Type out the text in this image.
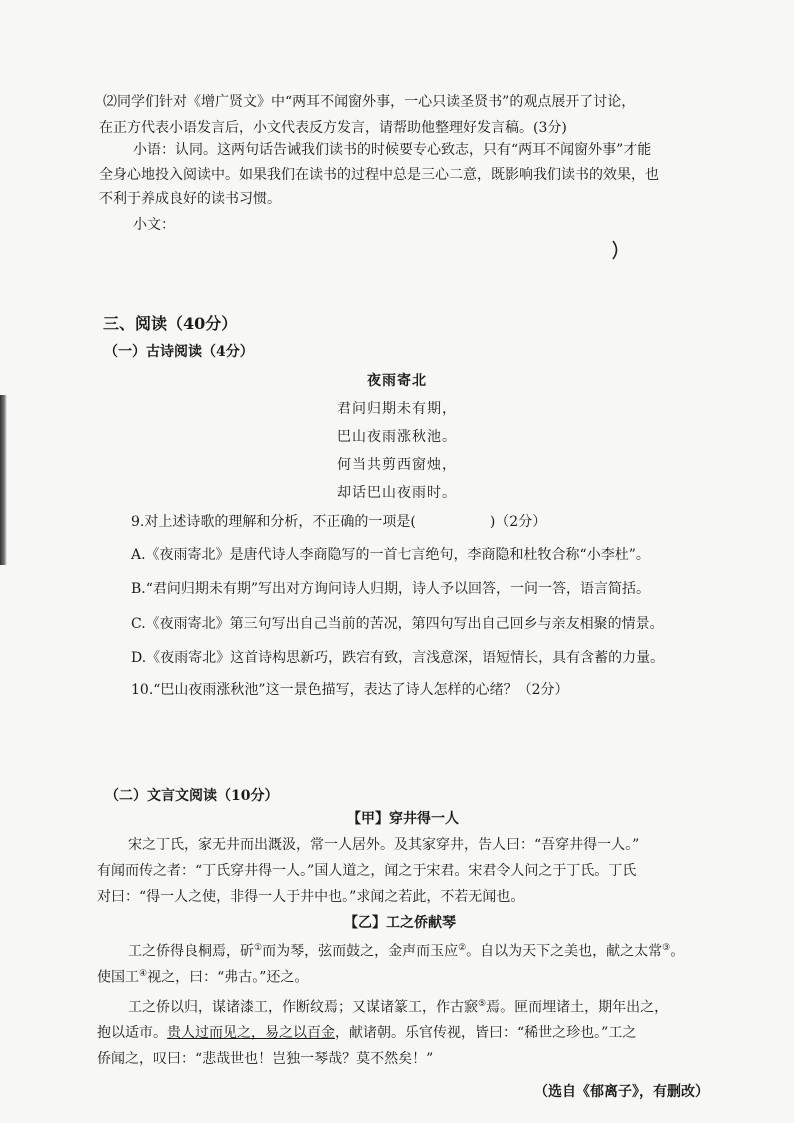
⑵同学们针对《增广贤文》中“两耳不闻窗外事，一心只读圣贤书”的观点展开了讨论，
在正方代表小语发言后，小文代表反方发言，请帮助他整理好发言稿。(3分)
小语：认同。这两句话告诫我们读书的时候要专心致志，只有“两耳不闻窗外事”才能
全身心地投入阅读中。如果我们在读书的过程中总是三心二意，既影响我们读书的效果，也
不利于养成良好的读书习惯。
小文：
三、阅读（40分）
（一）古诗阅读（4分）
夜雨寄北
君问归期未有期，
巴山夜雨涨秋池。
何当共剪西窗烛，
却话巴山夜雨时。
9.对上述诗歌的理解和分析，不正确的一项是(	)（2分）
A.《夜雨寄北》是唐代诗人李商隐写的一首七言绝句，李商隐和杜牧合称“小李杜”。
B.“君问归期未有期”写出对方询问诗人归期，诗人予以回答，一问一答，语言简括。
C.《夜雨寄北》第三句写出自己当前的苦况，第四句写出自己回乡与亲友相聚的情景。
D.《夜雨寄北》这首诗构思新巧，跌宕有致，言浅意深，语短情长，具有含蓄的力量。
10.“巴山夜雨涨秋池”这一景色描写，表达了诗人怎样的心绪？（2分）
（二）文言文阅读（10分）
【甲】穿井得一人
宋之丁氏，家无井而出溉汲，常一人居外。及其家穿井，告人曰：“吾穿井得一人。”
有闻而传之者：“丁氏穿井得一人。”国人道之，闻之于宋君。宋君令人问之于丁氏。丁氏
对曰：“得一人之使，非得一人于井中也。”求闻之若此，不若无闻也。
【乙】工之侨献琴
工之侨得良桐焉，斫①而为琴，弦而鼓之，金声而玉应②。自以为天下之美也，献之太常③。
使国工④视之，曰：“弗古。”还之。
工之侨以归，谋诸漆工，作断纹焉；又谋诸篆工，作古窾⑤焉。匣而埋诸土，期年出之，
抱以适市。贵人过而见之，易之以百金，献诸朝。乐官传视，皆曰：“稀世之珍也。”工之
侨闻之，叹曰：“悲哉世也！岂独一琴哉？莫不然矣！”
（选自《郁离子》，有删改）
